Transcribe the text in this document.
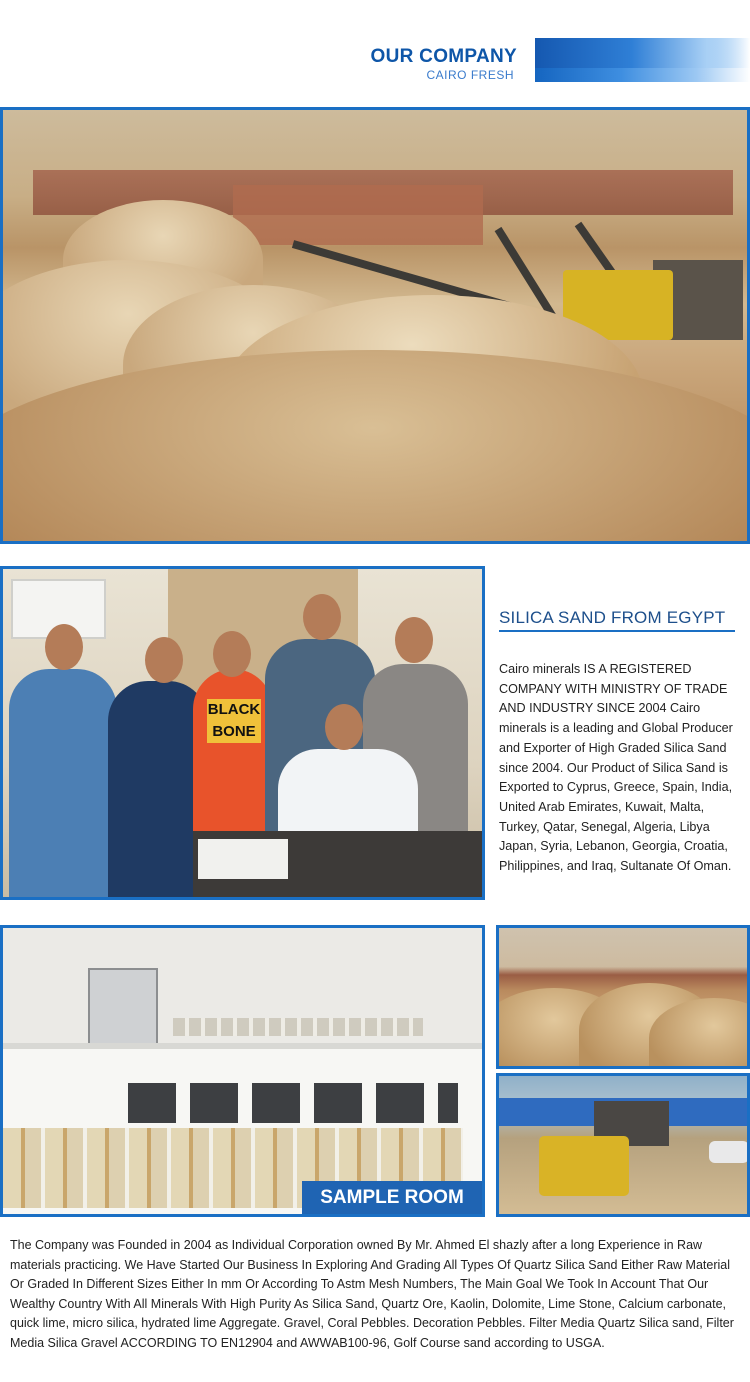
OUR COMPANY
CAIRO FRESH
BLACK BONE
SILICA SAND FROM EGYPT
Cairo minerals IS A REGISTERED COMPANY WITH MINISTRY OF TRADE AND INDUSTRY SINCE 2004 Cairo minerals is a leading and Global Producer and Exporter of High Graded Silica Sand since 2004. Our Product of Silica Sand is Exported to Cyprus, Greece, Spain, India, United Arab Emirates, Kuwait, Malta, Turkey, Qatar, Senegal, Algeria, Libya Japan, Syria, Lebanon, Georgia, Croatia, Philippines, and Iraq, Sultanate Of Oman.
SAMPLE ROOM
The Company was Founded in 2004 as Individual Corporation owned By Mr. Ahmed El shazly after a long Experience in Raw materials practicing. We Have Started Our Business In Exploring And Grading All Types Of Quartz Silica Sand Either Raw Material Or Graded In Different Sizes Either In mm Or According To Astm Mesh Numbers, The Main Goal We Took In Account That Our Wealthy Country With All Minerals With High Purity As Silica Sand, Quartz Ore, Kaolin, Dolomite, Lime Stone, Calcium carbonate, quick lime, micro silica, hydrated lime Aggregate. Gravel, Coral Pebbles. Decoration Pebbles. Filter Media Quartz Silica sand, Filter Media Silica Gravel ACCORDING TO EN12904 and AWWAB100-96, Golf Course sand according to USGA.
